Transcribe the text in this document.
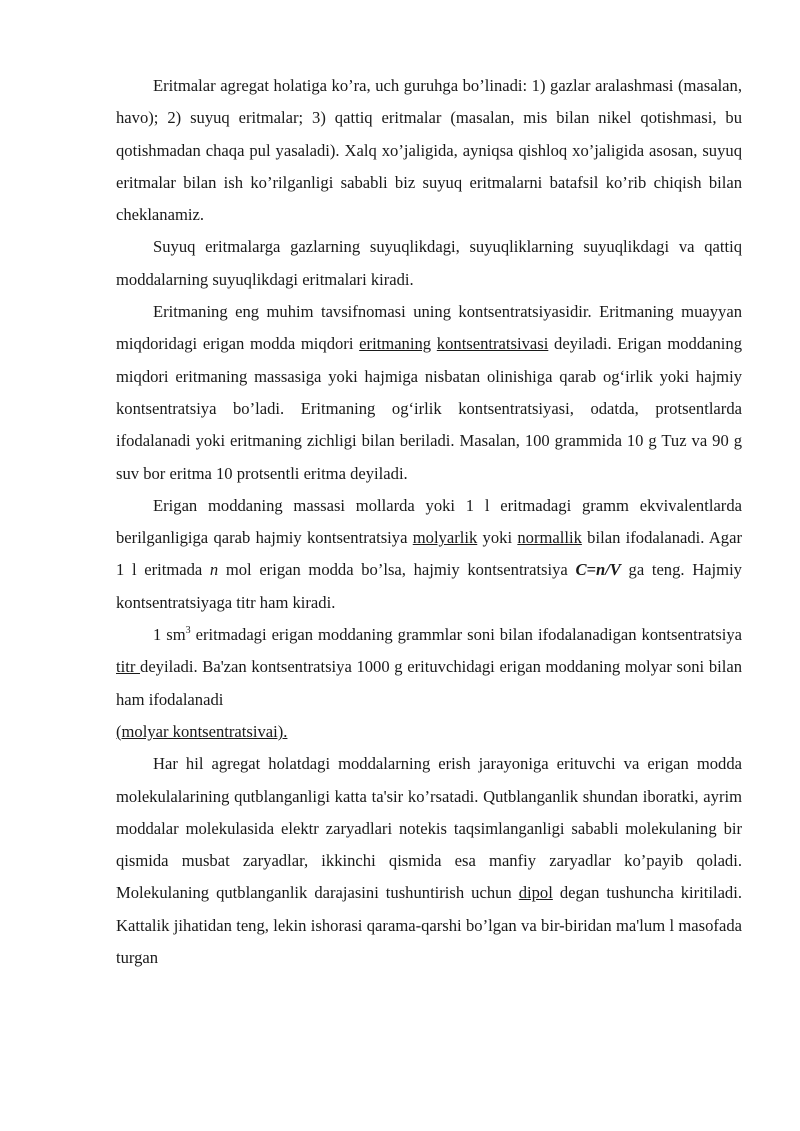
Eritmalar agregat holatiga ko’ra, uch guruhga bo’linadi: 1) gazlar aralashmasi (masalan, havo); 2) suyuq eritmalar; 3) qattiq eritmalar (masalan, mis bilan nikel qotishmasi, bu qotishmadan chaqa pul yasaladi). Xalq xo’jaligida, ayniqsa qishloq xo’jaligida asosan, suyuq eritmalar bilan ish ko’rilganligi sababli biz suyuq eritmalarni batafsil ko’rib chiqish bilan cheklanamiz.

Suyuq eritmalarga gazlarning suyuqlikdagi, suyuqliklarning suyuqlikdagi va qattiq moddalarning suyuqlikdagi eritmalari kiradi.

Eritmaning eng muhim tavsifnomasi uning kontsentratsiyasidir. Eritmaning muayyan miqdoridagi erigan modda miqdori eritmaning kontsentratsivasi deyiladi. Erigan moddaning miqdori eritmaning massasiga yoki hajmiga nisbatan olinishiga qarab og‘irlik yoki hajmiy kontsentratsiya bo’ladi. Eritmaning og‘irlik kontsentratsiyasi, odatda, protsentlarda ifodalanadi yoki eritmaning zichligi bilan beriladi. Masalan, 100 grammida 10 g Tuz va 90 g suv bor eritma 10 protsentli eritma deyiladi.

Erigan moddaning massasi mollarda yoki 1 l eritmadagi gramm ekvivalentlarda berilganligiga qarab hajmiy kontsentratsiya molyarlik yoki normallik bilan ifodalanadi. Agar 1 l eritmada n mol erigan modda bo’lsa, hajmiy kontsentratsiya C=n/V ga teng. Hajmiy kontsentratsiyaga titr ham kiradi.

1 $sm^3$ eritmadagi erigan moddaning grammlar soni bilan ifodalanadigan kontsentratsiya titr deyiladi. Ba'zan kontsentratsiya 1000 g erituvchidagi erigan moddaning molyar soni bilan ham ifodalanadi

(molyar kontsentratsivai).

Har hil agregat holatdagi moddalarning erish jarayoniga erituvchi va erigan modda molekulalarining qutblanganligi katta ta'sir ko’rsatadi. Qutblanganlik shundan iboratki, ayrim moddalar molekulasida elektr zaryadlari notekis taqsimlanganligi sababli molekulaning bir qismida musbat zaryadlar, ikkinchi qismida esa manfiy zaryadlar ko’payib qoladi. Molekulaning qutblanganlik darajasini tushuntirish uchun dipol degan tushuncha kiritiladi. Kattalik jihatidan teng, lekin ishorasi qarama-qarshi bo’lgan va bir-biridan ma'lum l masofada turgan
